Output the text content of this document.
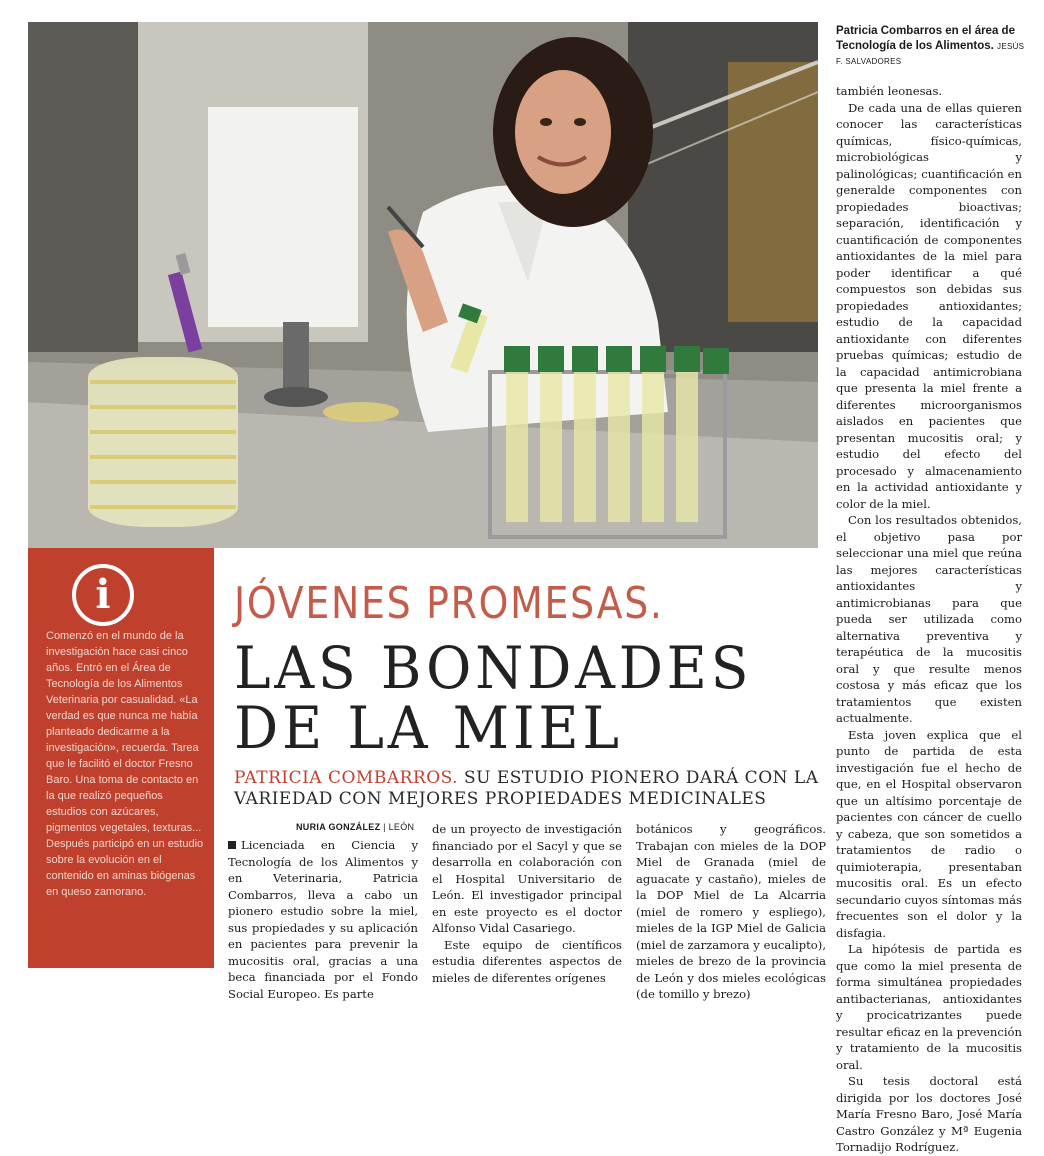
Patricia Combarros en el área de Tecnología de los Alimentos. JESÚS F. SALVADORES
i

Comenzó en el mundo de la investigación hace casi cinco años. Entró en el Área de Tecnología de los Alimentos Veterinaria por casualidad. «La verdad es que nunca me había planteado dedicarme a la investigación», recuerda. Tarea que le facilitó el doctor Fresno Baro. Una toma de contacto en la que realizó pequeños estudios con azúcares, pigmentos vegetales, texturas... Después participó en un estudio sobre la evolución en el contenido en aminas biógenas en queso zamorano.

JÓVENES PROMESAS.
LAS BONDADES
DE LA MIEL
PATRICIA COMBARROS. SU ESTUDIO PIONERO DARÁ CON LA VARIEDAD CON MEJORES PROPIEDADES MEDICINALES
NURIA GONZÁLEZ | LEÓN

Licenciada en Ciencia y Tecnología de los Alimentos y en Veterinaria, Patricia Combarros, lleva a cabo un pionero estudio sobre la miel, sus propiedades y su aplicación en pacientes para prevenir la mucositis oral, gracias a una beca financiada por el Fondo Social Europeo. Es parte

de un proyecto de investigación financiado por el Sacyl y que se desarrolla en colaboración con el Hospital Universitario de León. El investigador principal en este proyecto es el doctor Alfonso Vidal Casariego.

Este equipo de científicos estudia diferentes aspectos de mieles de diferentes orígenes

botánicos y geográficos. Trabajan con mieles de la DOP Miel de Granada (miel de aguacate y castaño), mieles de la DOP Miel de La Alcarria (miel de romero y espliego), mieles de la IGP Miel de Galicia (miel de zarzamora y eucalipto), mieles de brezo de la provincia de León y dos mieles ecológicas (de tomillo y brezo)

también leonesas.

De cada una de ellas quieren conocer las características químicas, físico-químicas, microbiológicas y palinológicas; cuantificación en generalde componentes con propiedades bioactivas; separación, identificación y cuantificación de componentes antioxidantes de la miel para poder identificar a qué compuestos son debidas sus propiedades antioxidantes; estudio de la capacidad antioxidante con diferentes pruebas químicas; estudio de la capacidad antimicrobiana que presenta la miel frente a diferentes microorganismos aislados en pacientes que presentan mucositis oral; y estudio del efecto del procesado y almacenamiento en la actividad antioxidante y color de la miel.

Con los resultados obtenidos, el objetivo pasa por seleccionar una miel que reúna las mejores características antioxidantes y antimicrobianas para que pueda ser utilizada como alternativa preventiva y terapéutica de la mucositis oral y que resulte menos costosa y más eficaz que los tratamientos que existen actualmente.

Esta joven explica que el punto de partida de esta investigación fue el hecho de que, en el Hospital observaron que un altísimo porcentaje de pacientes con cáncer de cuello y cabeza, que son sometidos a tratamientos de radio o quimioterapia, presentaban mucositis oral. Es un efecto secundario cuyos síntomas más frecuentes son el dolor y la disfagia.

La hipótesis de partida es que como la miel presenta de forma simultánea propiedades antibacterianas, antioxidantes y procicatrizantes puede resultar eficaz en la prevención y tratamiento de la mucositis oral.

Su tesis doctoral está dirigida por los doctores José María Fresno Baro, José María Castro González y Mª Eugenia Tornadijo Rodríguez.
